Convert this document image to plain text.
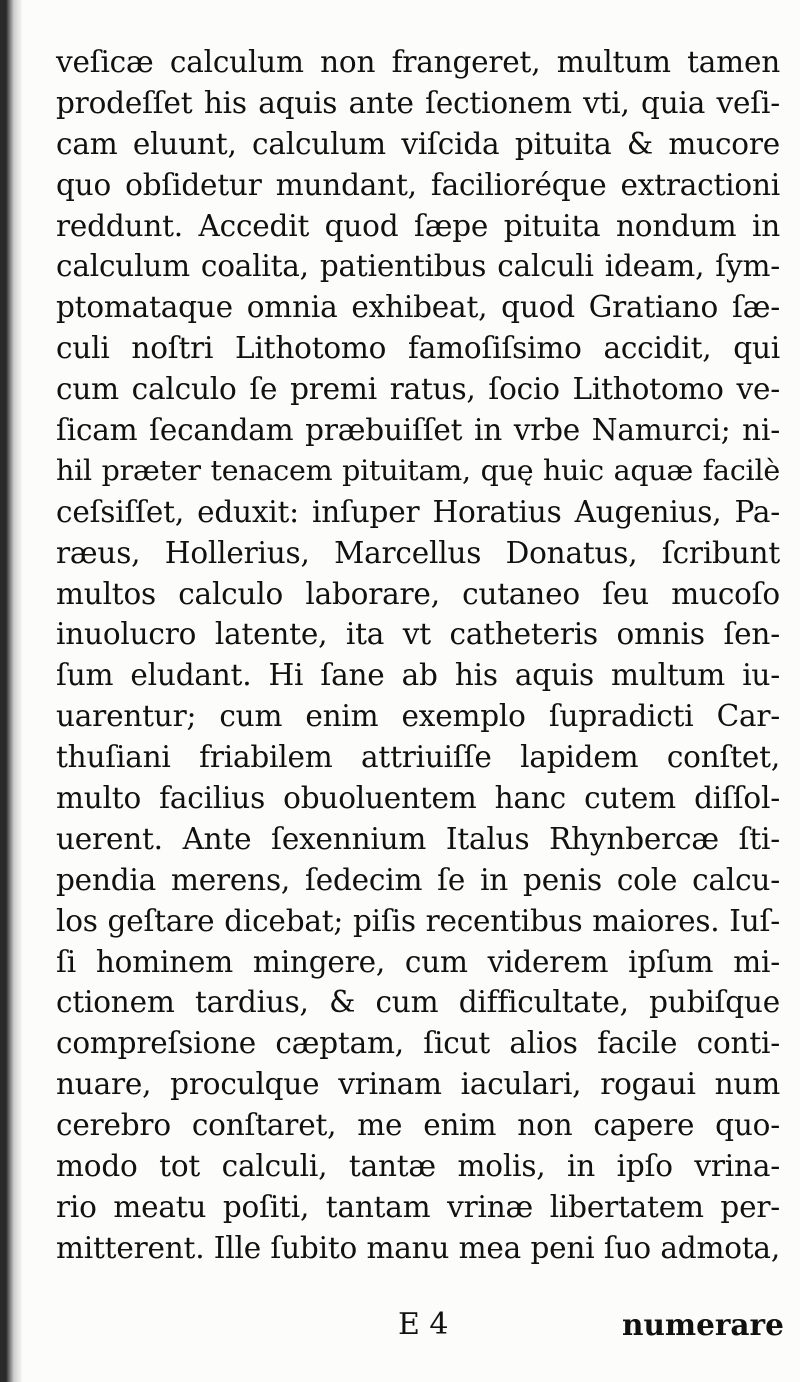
veſicæ calculum non frangeret, multum tamen
prodeſſet his aquis ante ſectionem vti, quia veſi-
cam eluunt, calculum viſcida pituita & mucore
quo obſidetur mundant, facilioréque extractioni
reddunt. Accedit quod ſæpe pituita nondum in
calculum coalita, patientibus calculi ideam, ſym-
ptomataque omnia exhibeat, quod Gratiano ſæ-
culi noſtri Lithotomo famoſiſsimo accidit, qui
cum calculo ſe premi ratus, ſocio Lithotomo ve-
ſicam ſecandam præbuiſſet in vrbe Namurci; ni-
hil præter tenacem pituitam, quę huic aquæ facilè
ceſsiſſet, eduxit: inſuper Horatius Augenius, Pa-
ræus, Hollerius, Marcellus Donatus, ſcribunt
multos calculo laborare, cutaneo ſeu mucoſo
inuolucro latente, ita vt catheteris omnis ſen-
ſum eludant. Hi ſane ab his aquis multum iu-
uarentur; cum enim exemplo ſupradicti Car-
thuſiani friabilem attriuiſſe lapidem conſtet,
multo facilius obuoluentem hanc cutem diſſol-
uerent. Ante ſexennium Italus Rhynbercæ ſti-
pendia merens, ſedecim ſe in penis cole calcu-
los geſtare dicebat; piſis recentibus maiores. Iuſ-
ſi hominem mingere, cum viderem ipſum mi-
ctionem tardius, & cum difficultate, pubiſque
compreſsione cæptam, ſicut alios facile conti-
nuare, proculque vrinam iaculari, rogaui num
cerebro conſtaret, me enim non capere quo-
modo tot calculi, tantæ molis, in ipſo vrina-
rio meatu poſiti, tantam vrinæ libertatem per-
mitterent. Ille ſubito manu mea peni ſuo admota,
E 4	numerare
